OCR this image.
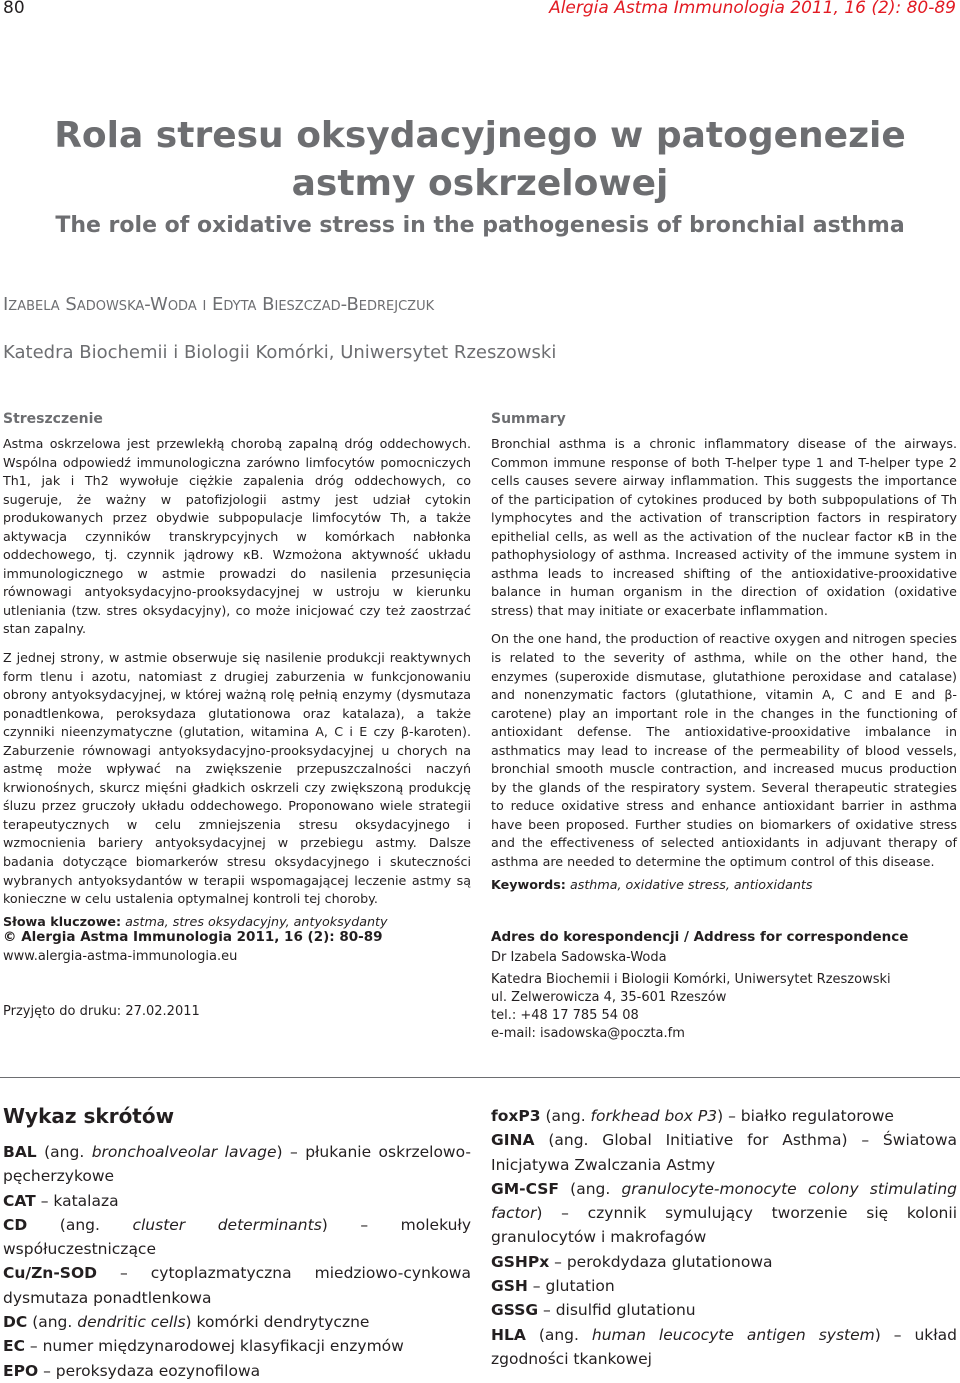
80	Alergia Astma Immunologia 2011, 16 (2): 80-89
Rola stresu oksydacyjnego w patogenezie astmy oskrzelowej
The role of oxidative stress in the pathogenesis of bronchial asthma
Izabela Sadowska-Woda i Edyta Bieszczad-Bedrejczuk
Katedra Biochemii i Biologii Komórki, Uniwersytet Rzeszowski
Streszczenie

Astma oskrzelowa jest przewlekłą chorobą zapalną dróg oddechowych. Wspólna odpowiedź immunologiczna zarówno limfocytów pomocniczych Th1, jak i Th2 wywołuje ciężkie zapalenia dróg oddechowych, co sugeruje, że ważny w patofizjologii astmy jest udział cytokin produkowanych przez obydwie subpopulacje limfocytów Th, a także aktywacja czynników transkrypcyjnych w komórkach nabłonka oddechowego, tj. czynnik jądrowy κB. Wzmożona aktywność układu immunologicznego w astmie prowadzi do nasilenia przesunięcia równowagi antyoksydacyjno-prooksydacyjnej w ustroju w kierunku utleniania (tzw. stres oksydacyjny), co może inicjować czy też zaostrzać stan zapalny.

Z jednej strony, w astmie obserwuje się nasilenie produkcji reaktywnych form tlenu i azotu, natomiast z drugiej zaburzenia w funkcjonowaniu obrony antyoksydacyjnej, w której ważną rolę pełnią enzymy (dysmutaza ponadtlenkowa, peroksydaza glutationowa oraz katalaza), a także czynniki nieenzymatyczne (glutation, witamina A, C i E czy β-karoten). Zaburzenie równowagi antyoksydacyjno-prooksydacyjnej u chorych na astmę może wpływać na zwiększenie przepuszczalności naczyń krwionośnych, skurcz mięśni gładkich oskrzeli czy zwiększoną produkcję śluzu przez gruczoły układu oddechowego. Proponowano wiele strategii terapeutycznych w celu zmniejszenia stresu oksydacyjnego i wzmocnienia bariery antyoksydacyjnej w przebiegu astmy. Dalsze badania dotyczące biomarkerów stresu oksydacyjnego i skuteczności wybranych antyoksydantów w terapii wspomagającej leczenie astmy są konieczne w celu ustalenia optymalnej kontroli tej choroby.

Słowa kluczowe: astma, stres oksydacyjny, antyoksydanty
Summary

Bronchial asthma is a chronic inflammatory disease of the airways. Common immune response of both T-helper type 1 and T-helper type 2 cells causes severe airway inflammation. This suggests the importance of the participation of cytokines produced by both subpopulations of Th lymphocytes and the activation of transcription factors in respiratory epithelial cells, as well as the activation of the nuclear factor κB in the pathophysiology of asthma. Increased activity of the immune system in asthma leads to increased shifting of the antioxidative-prooxidative balance in human organism in the direction of oxidation (oxidative stress) that may initiate or exacerbate inflammation.

On the one hand, the production of reactive oxygen and nitrogen species is related to the severity of asthma, while on the other hand, the enzymes (superoxide dismutase, glutathione peroxidase and catalase) and nonenzymatic factors (glutathione, vitamin A, C and E and β-carotene) play an important role in the changes in the functioning of antioxidant defense. The antioxidative-prooxidative imbalance in asthmatics may lead to increase of the permeability of blood vessels, bronchial smooth muscle contraction, and increased mucus production by the glands of the respiratory system. Several therapeutic strategies to reduce oxidative stress and enhance antioxidant barrier in asthma have been proposed. Further studies on biomarkers of oxidative stress and the effectiveness of selected antioxidants in adjuvant therapy of asthma are needed to determine the optimum control of this disease.

Keywords: asthma, oxidative stress, antioxidants
© Alergia Astma Immunologia 2011, 16 (2): 80-89
www.alergia-astma-immunologia.eu
Przyjęto do druku: 27.02.2011
Adres do korespondencji / Address for correspondence
Dr Izabela Sadowska-Woda
Katedra Biochemii i Biologii Komórki, Uniwersytet Rzeszowski
ul. Zelwerowicza 4, 35-601 Rzeszów
tel.: +48 17 785 54 08
e-mail: isadowska@poczta.fm
Wykaz skrótów

BAL (ang. bronchoalveolar lavage) – płukanie oskrzelowo-pęcherzykowe

CAT – katalaza

CD (ang. cluster determinants) – molekuły współuczestniczące

Cu/Zn-SOD – cytoplazmatyczna miedziowo-cynkowa dysmutaza ponadtlenkowa

DC (ang. dendritic cells) komórki dendrytyczne

EC – numer międzynarodowej klasyfikacji enzymów

EPO – peroksydaza eozynofilowa

foxP3 (ang. forkhead box P3) – białko regulatorowe

GINA (ang. Global Initiative for Asthma) – Światowa Inicjatywa Zwalczania Astmy

GM-CSF (ang. granulocyte-monocyte colony stimulating factor) – czynnik symulujący tworzenie się kolonii granulocytów i makrofagów

GSHPx – perokdydaza glutationowa

GSH – glutation

GSSG – disulfid glutationu

HLA (ang. human leucocyte antigen system) – układ zgodności tkankowej
